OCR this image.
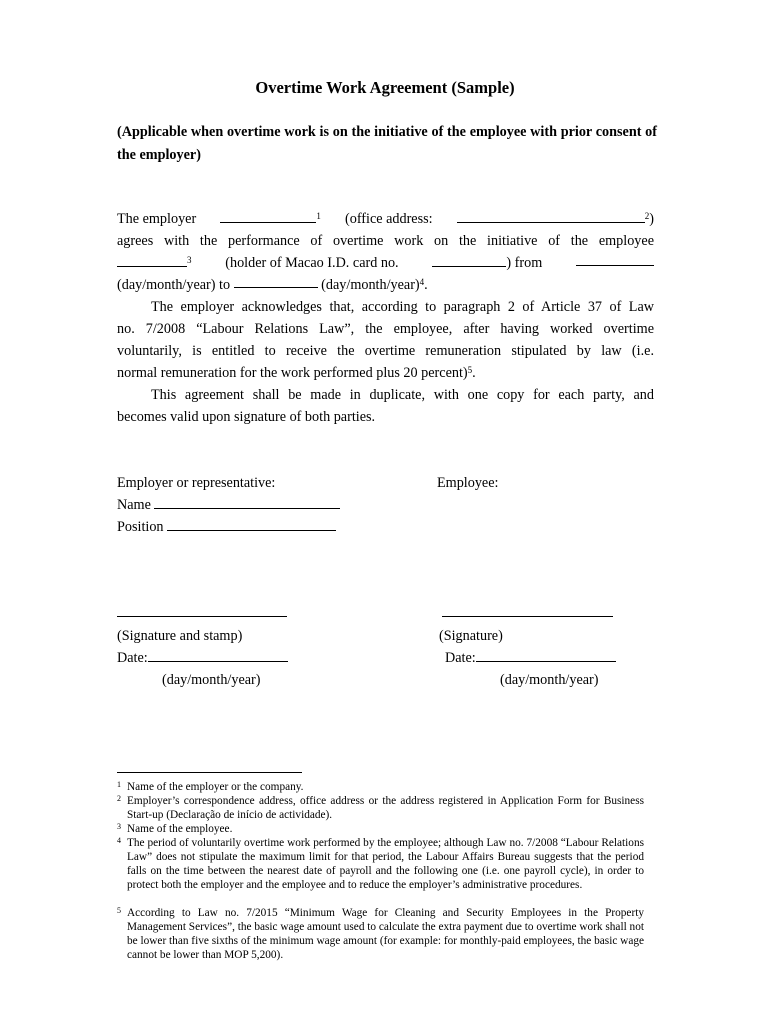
Overtime Work Agreement (Sample)

(Applicable when overtime work is on the initiative of the employee with prior consent of the employer)

The employer	$^1$ (office address:	$^2$)
agrees with the performance of overtime work on the initiative of the employee
$^3$ (holder of Macao I.D. card no.	) from
(day/month/year) to

	(day/month/year)$^4$ .
The employer acknowledges that, according to paragraph 2 of Article 37 of Law
no. 7/2008 “Labour Relations Law”, the employee, after having worked overtime
voluntarily, is entitled to receive the overtime remuneration stipulated by law (i.e.
normal remuneration for the work performed plus 20 percent)$^5$ .
This agreement shall be made in duplicate, with one copy for each party, and
becomes valid upon signature of both parties.
Employer or representative:	Employee:
Name
Position
(Signature and stamp)	(Signature)
Date:	Date:
(day/month/year)	(day/month/year)
1 Name of the employer or the company.
2 Employer’s correspondence address, office address or the address registered in Application Form for Business Start-up (Declaração de início de actividade).
3 Name of the employee.
4 The period of voluntarily overtime work performed by the employee; although Law no. 7/2008 “Labour Relations Law” does not stipulate the maximum limit for that period, the Labour Affairs Bureau suggests that the period falls on the time between the nearest date of payroll and the following one (i.e. one payroll cycle), in order to protect both the employer and the employee and to reduce the employer’s administrative procedures.
5 According to Law no. 7/2015 “Minimum Wage for Cleaning and Security Employees in the Property Management Services”, the basic wage amount used to calculate the extra payment due to overtime work shall not be lower than five sixths of the minimum wage amount (for example: for monthly-paid employees, the basic wage cannot be lower than MOP 5,200).
